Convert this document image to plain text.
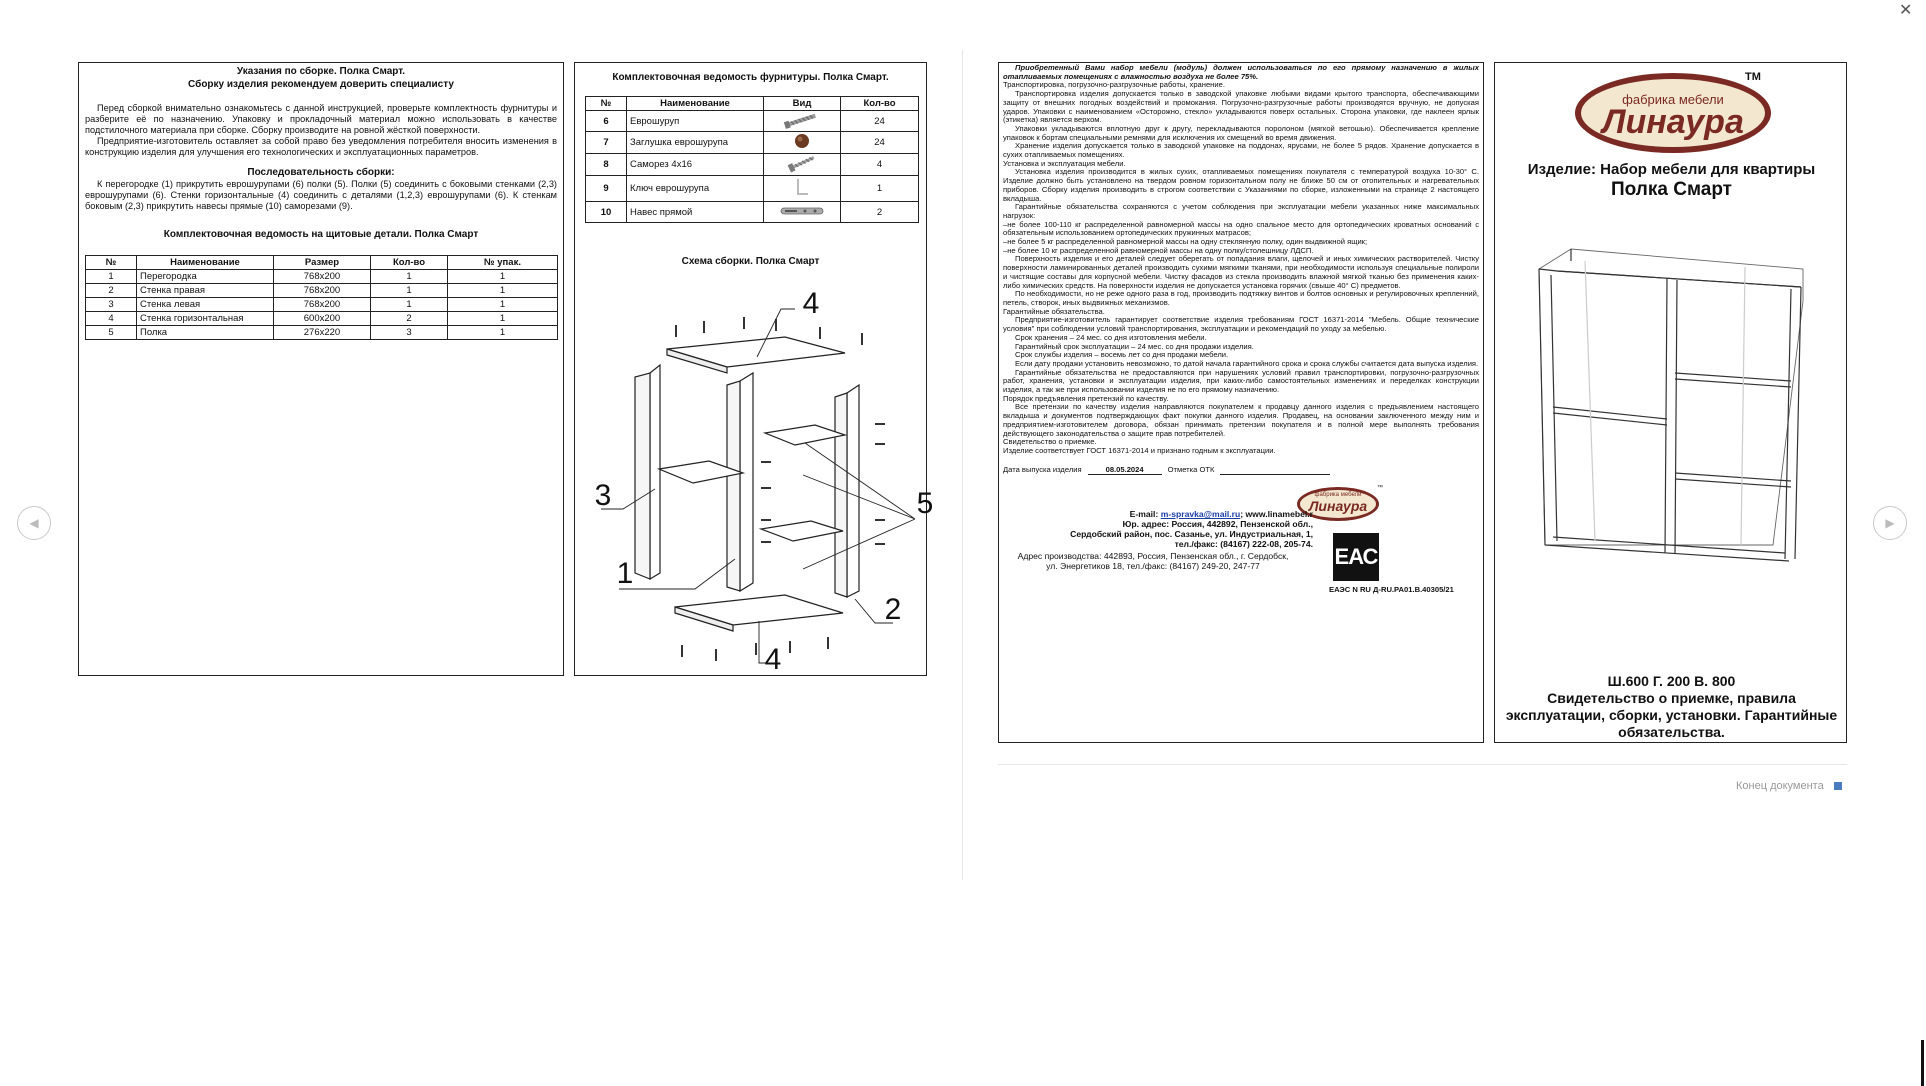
✕
◀	▶
Указания по сборке. Полка Смарт.
Сборку изделия рекомендуем доверить специалисту
Перед сборкой внимательно ознакомьтесь с данной инструкцией, проверьте комплектность фурнитуры и разберите её по назначению. Упаковку и прокладочный материал можно использовать в качестве подстилочного материала при сборке. Сборку производите на ровной жёсткой поверхности.
Предприятие-изготовитель оставляет за собой право без уведомления потребителя вносить изменения в конструкцию изделия для улучшения его технологических и эксплуатационных параметров.
Последовательность сборки:
К перегородке (1) прикрутить еврошурупами (6) полки (5). Полки (5) соединить с боковыми стенками (2,3) еврошурупами (6). Стенки горизонтальные (4) соединить с деталями (1,2,3) еврошурупами (6). К стенкам боковым (2,3) прикрутить навесы прямые (10) саморезами (9).
Комплектовочная ведомость на щитовые детали. Полка Смарт
№	Наименование	Размер	Кол-во	№ упак.
1	Перегородка	768х200	1	1
2	Стенка правая	768х200	1	1
3	Стенка левая	768х200	1	1
4	Стенка горизонтальная	600х200	2	1
5	Полка	276х220	3	1
Комплектовочная ведомость фурнитуры. Полка Смарт.
№	Наименование	Вид	Кол-во
6	Еврошуруп		24
7	Заглушка еврошурупа		24
8	Саморез 4х16		4
9	Ключ еврошурупа		1
10	Навес прямой		2
Схема сборки. Полка Смарт
4
3	5
1
2
4
Приобретенный Вами набор мебели (модуль) должен использоваться по его прямому назначению в жилых отапливаемых помещениях с влажностью воздуха не более 75%.
Транспортировка, погрузочно-разгрузочные работы, хранение.
Транспортировка изделия допускается только в заводской упаковке любыми видами крытого транспорта, обеспечивающими защиту от внешних погодных воздействий и промокания. Погрузочно-разгрузочные работы производятся вручную, не допуская ударов. Упаковки с наименованием «Осторожно, стекло» укладываются поверх остальных. Сторона упаковки, где наклеен ярлык (этикетка) является верхом.
Упаковки укладываются вплотную друг к другу, перекладываются поролоном (мягкой ветошью). Обеспечивается крепление упаковок к бортам специальными ремнями для исключения их смещений во время движения.
Хранение изделия допускается только в заводской упаковке на поддонах, ярусами, не более 5 рядов. Хранение допускается в сухих отапливаемых помещениях.
Установка и эксплуатация мебели.
Установка изделия производится в жилых сухих, отапливаемых помещениях покупателя с температурой воздуха 10-30° С. Изделие должно быть установлено на твердом ровном горизонтальном полу не ближе 50 см от отопительных и нагревательных приборов. Сборку изделия производить в строгом соответствии с Указаниями по сборке, изложенными на странице 2 настоящего вкладыша.
Гарантийные обязательства сохраняются с учетом соблюдения при эксплуатации мебели указанных ниже максимальных нагрузок:
–не более 100-110 кг распределенной равномерной массы на одно спальное место для ортопедических кроватных оснований с обязательным использованием ортопедических пружинных матрасов;
–не более 5 кг распределенной равномерной массы на одну стеклянную полку, один выдвижной ящик;
–не более 10 кг распределенной равномерной массы на одну полку/столешницу ЛДСП.
Поверхность изделия и его деталей следует оберегать от попадания влаги, щелочей и иных химических растворителей. Чистку поверхности ламинированных деталей производить сухими мягкими тканями, при необходимости используя специальные полироли и чистящие составы для корпусной мебели. Чистку фасадов из стекла производить влажной мягкой тканью без применения каких-либо химических средств. На поверхности изделия не допускается установка горячих (свыше 40° С) предметов.
По необходимости, но не реже одного раза в год, производить подтяжку винтов и болтов основных и регулировочных крепленний, петель, створок, иных выдвижных механизмов.
Гарантийные обязательства.
Предприятие-изготовитель гарантирует соответствие изделия требованиям ГОСТ 16371-2014 "Мебель. Общие технические условия" при соблюдении условий транспортирования, эксплуатации и рекомендаций по уходу за мебелью.
Срок хранения – 24 мес. со дня изготовления мебели.
Гарантийный срок эксплуатации – 24 мес. со дня продажи изделия.
Срок службы изделия – восемь лет со дня продажи мебели.
Если дату продажи установить невозможно, то датой начала гарантийного срока и срока службы считается дата выпуска изделия.
Гарантийные обязательства не предоставляются при нарушениях условий правил транспортировки, погрузочно-разгрузочных работ, хранения, установки и эксплуатации изделия, при каких-либо самостоятельных изменениях и переделках конструкции изделия, а так же при использовании изделия не по его прямому назначению.
Порядок предъявления претензий по качеству.
Все претензии по качеству изделия направляются покупателем к продавцу данного изделия с предъявлением настоящего вкладыша и документов подтверждающих факт покупки данного изделия. Продавец, на основании заключенного между ним и предприятием-изготовителем договора, обязан принимать претензии покупателя и в полной мере выполнять требования действующего законодательства о защите прав потребителей.
Свидетельство о приемке.
Изделие соответствует ГОСТ 16371-2014 и признано годным к эксплуатации.
Дата выпуска изделия	08.05.2024	Отметка ОТК
фабрика мебели
Линаура
™
E-mail: m-spravka@mail.ru; www.linamebel.r
Юр. адрес: Россия, 442892, Пензенской обл.,
Сердобский район, пос. Сазанье, ул. Индустриальная, 1,
тел./факс: (84167) 222-08, 205-74.
Адрес производства: 442893, Россия, Пензенская обл., г. Сердобск,
ул. Энергетиков 18, тел./факс: (84167) 249-20, 247-77	ЕАС
ЕАЭС N RU Д-RU.PA01.B.40305/21
фабрика мебели
Линаура
TM
Изделие: Набор мебели для квартиры
Полка Смарт
Ш.600 Г. 200 В. 800
Свидетельство о приемке, правила эксплуатации, сборки, установки. Гарантийные обязательства.
Конец документа
